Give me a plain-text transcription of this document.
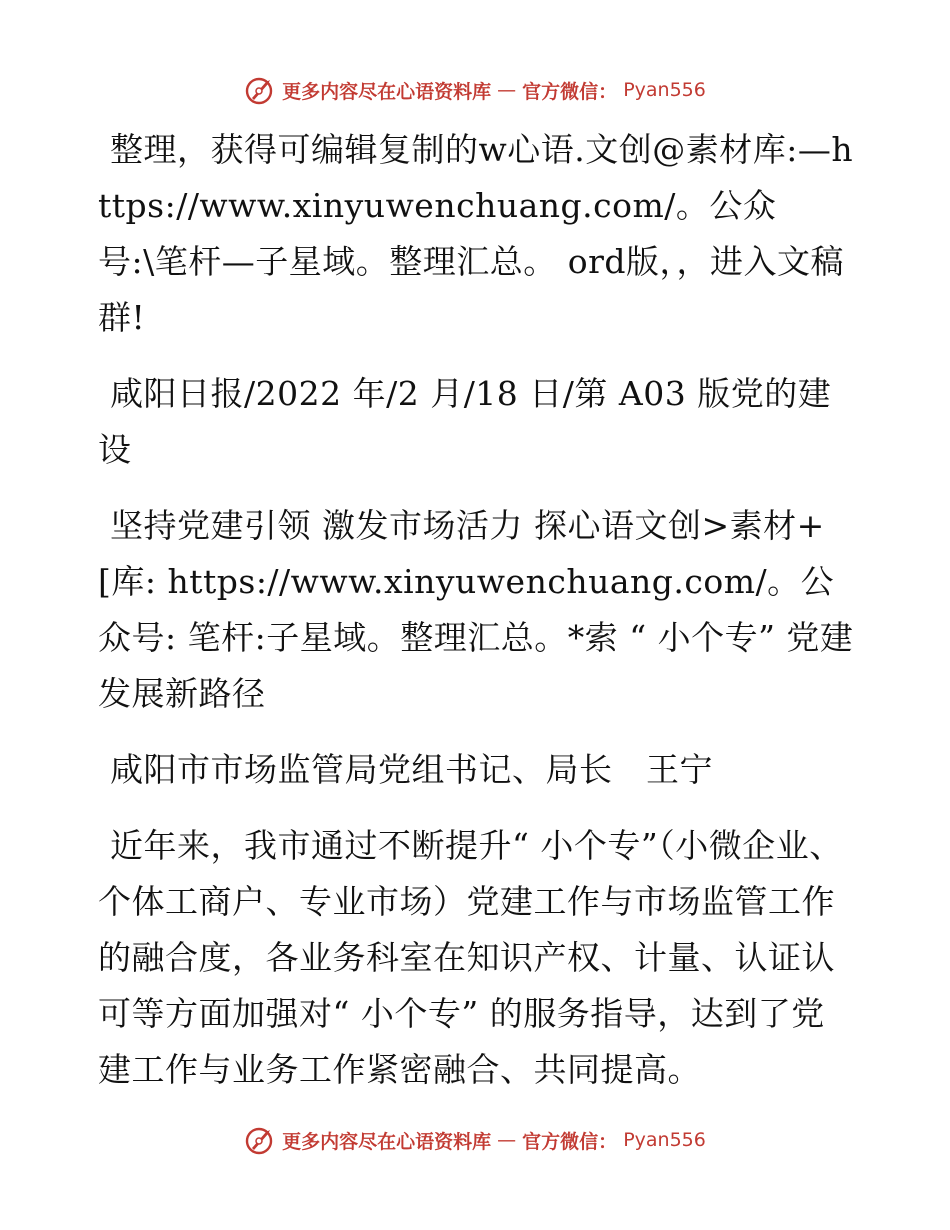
更多内容尽在心语资料库 — 官方微信： Pyan556

整理，获得可编辑复制的w心语.文创@素材库:—https://www.xinyuwenchuang.com/。公众号:\笔杆—子星域。整理汇总。 ord版，，进入文稿群!

咸阳日报/2022 年/2 月/18 日/第 A03 版党的建设

坚持党建引领 激发市场活力 探心语文创>素材+[库: https://www.xinyuwenchuang.com/。公众号: 笔杆:子星域。整理汇总。*索 “ 小个专” 党建发展新路径

咸阳市市场监管局党组书记、局长　王宁

近年来，我市通过不断提升“ 小个专”（小微企业、个体工商户、专业市场）党建工作与市场监管工作的融合度，各业务科室在知识产权、计量、认证认可等方面加强对“ 小个专” 的服务指导，达到了党建工作与业务工作紧密融合、共同提高。

更多内容尽在心语资料库 — 官方微信： Pyan556
